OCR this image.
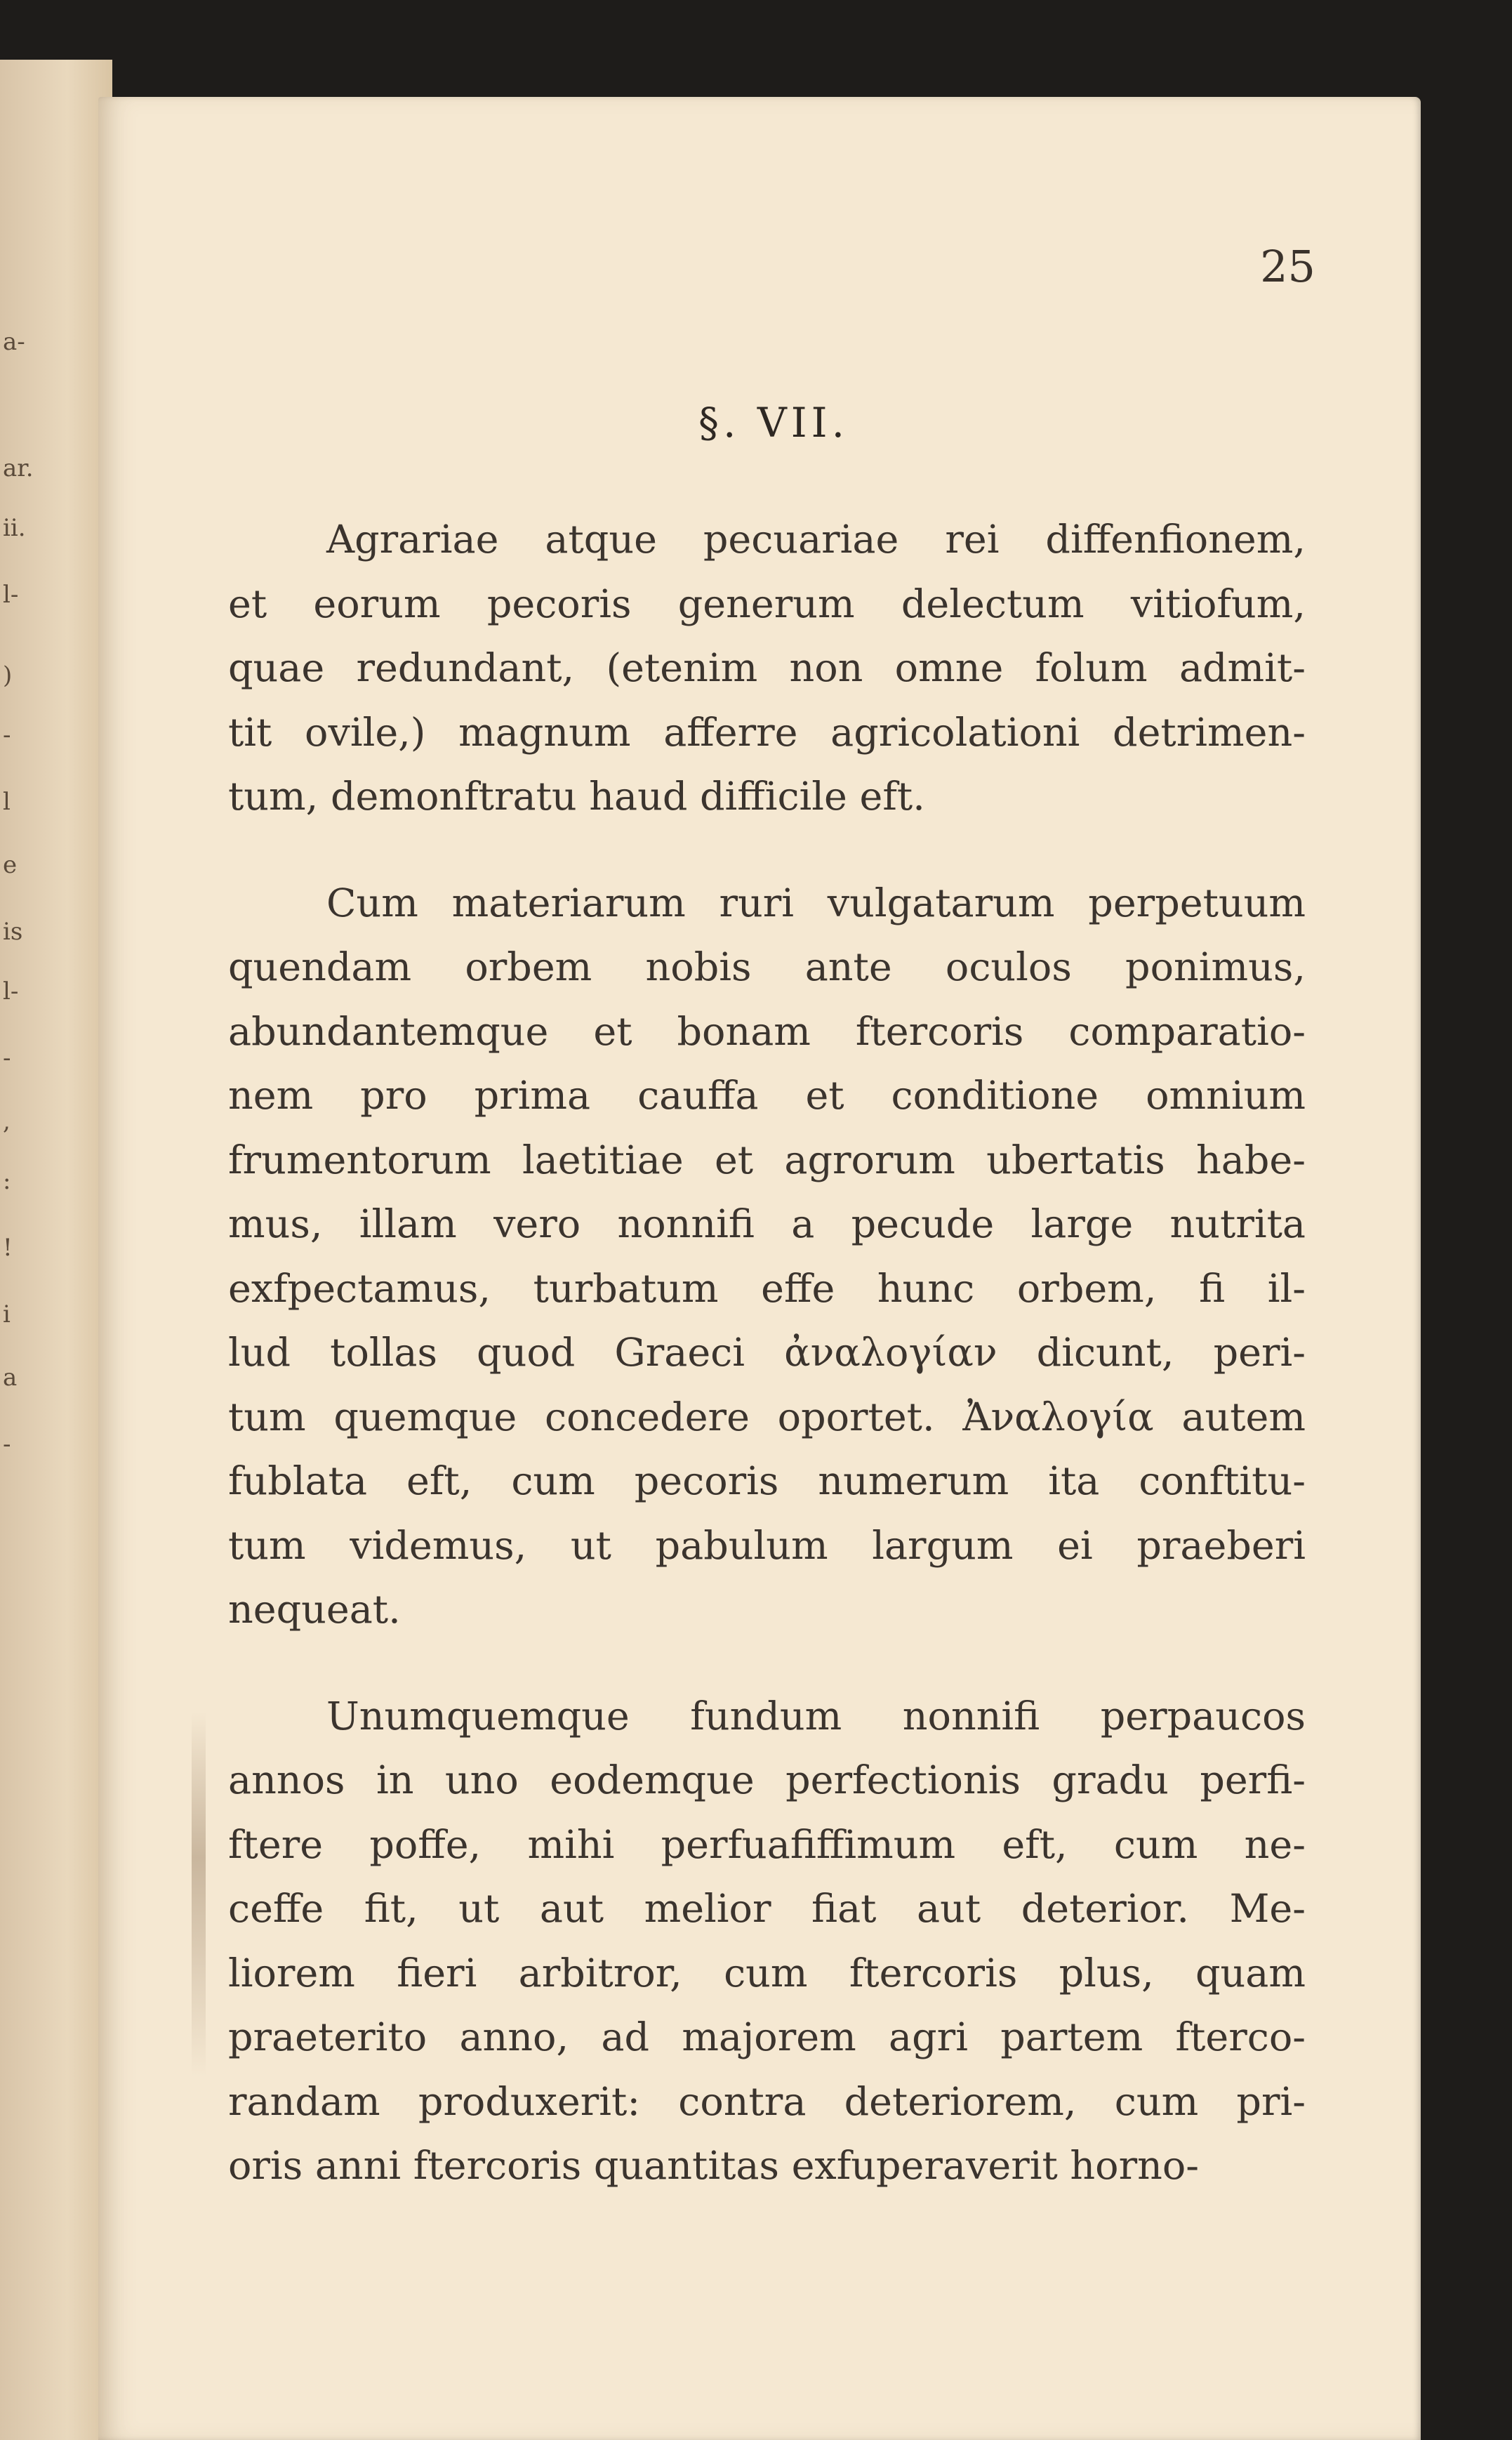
a-
ar.
ii.
l-
)
-
l
e
is
l-
-
,
:
!
i
a
-
25
§. VII.
Agrariae atque pecuariae rei diffenfionem,
et eorum pecoris generum delectum vitiofum,
quae redundant, (etenim non omne folum admit-
tit ovile,) magnum afferre agricolationi detrimen-
tum, demonftratu haud difficile eft.
Cum materiarum ruri vulgatarum perpetuum
quendam orbem nobis ante oculos ponimus,
abundantemque et bonam ftercoris comparatio-
nem pro prima cauffa et conditione omnium
frumentorum laetitiae et agrorum ubertatis habe-
mus, illam vero nonnifi a pecude large nutrita
exfpectamus, turbatum effe hunc orbem, fi il-
lud tollas quod Graeci ἀναλογίαν dicunt, peri-
tum quemque concedere oportet. Ἀναλογία autem
fublata eft, cum pecoris numerum ita conftitu-
tum videmus, ut pabulum largum ei praeberi
nequeat.
Unumquemque fundum nonnifi perpaucos
annos in uno eodemque perfectionis gradu perfi-
ftere poffe, mihi perfuafiffimum eft, cum ne-
ceffe fit, ut aut melior fiat aut deterior. Me-
liorem fieri arbitror, cum ftercoris plus, quam
praeterito anno, ad majorem agri partem fterco-
randam produxerit: contra deteriorem, cum pri-
oris anni ftercoris quantitas exfuperaverit horno-
